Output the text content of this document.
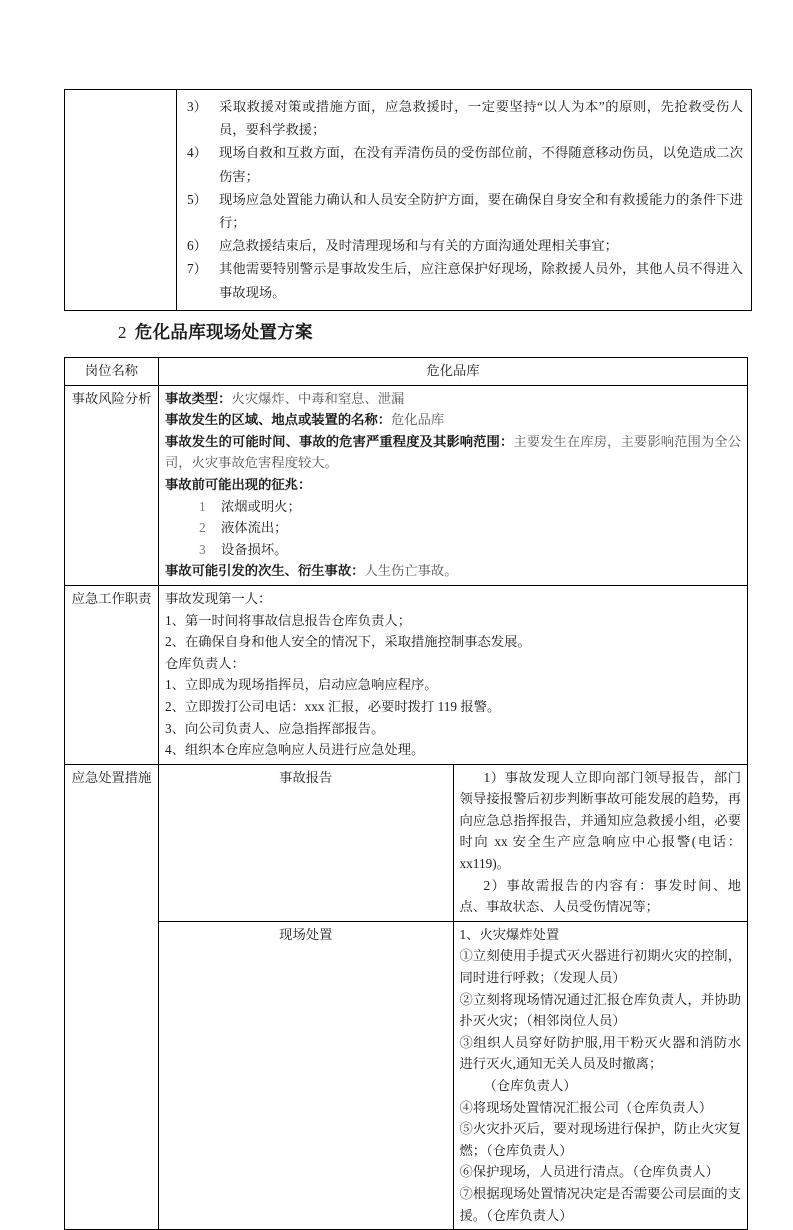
3） 采取救援对策或措施方面，应急救援时，一定要坚持“以人为本”的原则，先抢救受伤人员，要科学救援；
4） 现场自救和互救方面，在没有弄清伤员的受伤部位前，不得随意移动伤员，以免造成二次伤害；
5） 现场应急处置能力确认和人员安全防护方面，要在确保自身安全和有救援能力的条件下进行；
6） 应急救援结束后，及时清理现场和与有关的方面沟通处理相关事宜；
7） 其他需要特别警示是事故发生后，应注意保护好现场，除救援人员外，其他人员不得进入事故现场。
2 危化品库现场处置方案
岗位名称	危化品库	
事故风险分析	事故类型：火灾爆炸、中毒和窒息、泄漏
事故发生的区域、地点或装置的名称：危化品库
事故发生的可能时间、事故的危害严重程度及其影响范围：主要发生在库房，主要影响范围为全公司，火灾事故危害程度较大。
事故前可能出现的征兆：
1 浓烟或明火；
2 液体流出；
3 设备损坏。
事故可能引发的次生、衍生事故：人生伤亡事故。

应急工作职责	事故发现第一人：
1、第一时间将事故信息报告仓库负责人；
2、在确保自身和他人安全的情况下，采取措施控制事态发展。
仓库负责人：
1、立即成为现场指挥员，启动应急响应程序。
2、立即拨打公司电话：xxx 汇报，必要时拨打 119 报警。
3、向公司负责人、应急指挥部报告。
4、组织本仓库应急响应人员进行应急处理。

应急处置措施	事故报告	1）事故发现人立即向部门领导报告，部门领导接报警后初步判断事故可能发展的趋势，再向应急总指挥报告，并通知应急救援小组，必要时向 xx 安全生产应急响应中心报警(电话：xx119)。
2）事故需报告的内容有：事发时间、地点、事故状态、人员受伤情况等；

现场处置	1、火灾爆炸处置
①立刻使用手提式灭火器进行初期火灾的控制，同时进行呼救；（发现人员）
②立刻将现场情况通过汇报仓库负责人，并协助扑灭火灾；（相邻岗位人员）
③组织人员穿好防护服,用干粉灭火器和消防水进行灭火,通知无关人员及时撤离；
（仓库负责人）
④将现场处置情况汇报公司（仓库负责人）
⑤火灾扑灭后，要对现场进行保护，防止火灾复燃；（仓库负责人）
⑥保护现场，人员进行清点。（仓库负责人）
⑦根据现场处置情况决定是否需要公司层面的支援。（仓库负责人）
